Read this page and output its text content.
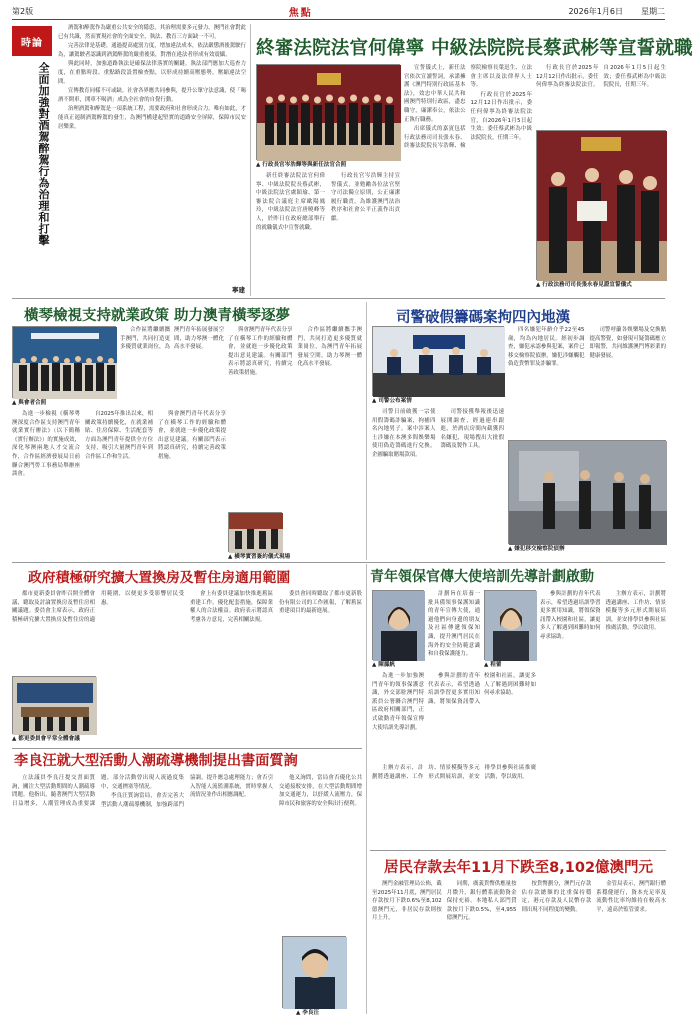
第2版	焦點	2026年1月6日 星期二
時論
全面加強對酒駕醉駕行為治理和打擊

酒駕和醉駕作為嚴重公共安全的隱患，其治理需要多元發力。澳門社會對此已有共識，然而實現社會的全面安全，執法、教育三方面缺一不可。

完善法律是基礎。通過提高處罰力度，增加違法成本，依法嚴懲酒後駕駛行為，讓駕駛者認識到酒駕醉駕的嚴重後果，對潛在違法者形成有效震懾。

與此同時，加強道路執法是確保法律落實的關鍵。執法部門應加大巡查力度，在重點時段、重點路段設置檢查點，以形成持續高壓態勢，壓縮違法空間。

宣傳教育同樣不可或缺。社會各界應共同參與，提升公眾守法意識，使「喝酒不開車，開車不喝酒」成為全社會的自覺行動。

治理酒駕和醉駕是一項系統工程，需要政府和社會形成合力。唯有如此，才能真正遏制酒駕醉駕的發生，為澳門構建起堅實的道路安全屏障，保障市民安居樂業。

寧建
終審法院法官何偉寧 中級法院院長蔡武彬等宣誓就職
▲ 行政長官岑浩輝等與新任法官合照

新任終審法院法官何偉寧、中級法院院長蔡武彬，中級法院法官盧穎瑜、第一審法院合議庭主席歐陽鳳玲，中級法院法官唐曉峰等人，於昨日在政府總部舉行的就職儀式中宣誓就職。

行政長官岑浩輝主持宣誓儀式，並勉勵各位法官堅守司法獨立原則，公正廉潔履行職責，為維護澳門法治秩序和社會公平正義作出貢獻。

宣誓儀式上，新任法官依次宣讀誓詞，承諾擁護《澳門特別行政區基本法》，效忠中華人民共和國澳門特別行政區，盡忠職守，廉潔奉公，依法公正執行職務。

出席儀式的嘉賓包括行政法務司司長張永春、終審法院院長岑浩輝、檢察院檢察長葉迅生、立法會主席以及法律界人士等。

行政長官於2025年12月12日作出批示，委任何偉寧為終審法院法官，自2026年1月5日起生效；委任蔡武彬為中級法院院長，任期三年。

▲ 行政法務司司長張永春見證宣誓儀式

行政長官於2025年12月12日作出批示，委任何偉寧為終審法院法官，自2026年1月5日起生效；委任蔡武彬為中級法院院長，任期三年。

橫琴檢視支持就業政策 助力澳青橫琴逐夢
▲ 與會者合照

為進一步檢視《橫琴粵澳深度合作區支持澳門青年就業實行辦法》（以下簡稱《實行辦法》）的實施成效，深化琴澳兩地人才交流合作，合作區經濟發展局日前聯合澳門勞工事務局舉辦座談會。

自2025年推出以來，相關政策持續優化，在就業補貼、住房保障、生活配套等方面為澳門青年提供全方位支持，吸引大量澳門青年到合作區工作和生活。

與會澳門青年代表分享了在橫琴工作的經驗和體會，並就進一步優化政策提出意見建議。有關部門表示將認真研究，持續完善政策措施。

與會澳門青年代表分享了在橫琴工作的經驗和體會，並就進一步優化政策提出意見建議。有關部門表示將認真研究，持續完善政策措施。

合作區將繼續攜手澳門，共同打造更多優質就業崗位，為澳門青年拓展發展空間，助力琴澳一體化高水平發展。

合作區將繼續攜手澳門，共同打造更多優質就業崗位，為澳門青年拓展發展空間，助力琴澳一體化高水平發展。

▲ 橫琴實習簽約儀式現場
司警破假籌碼案拘四內地漢
▲ 司警公布案情

司警日前破獲一宗使用假籌碼詐騙案，拘捕四名內地男子。案中涉案人士涉嫌在本澳多間娛樂場使用偽造籌碼進行兌換，企圖騙取賭場款項。

司警接獲舉報後迅速展開調查，經過連串跟進，於酒店房間內截獲四名嫌犯，現場搜出大批假籌碼及製作工具。

四名嫌犯年齡介乎22至45歲，均為內地居民。經初步調查，嫌犯承認參與犯案，案件已移交檢察院偵辦，嫌犯涉嫌觸犯偽造貨幣罪及詐騙罪。

司警呼籲各娛樂場及兌換點提高警覺，如發現可疑籌碼應立即報警，共同維護澳門博彩業的健康發展。

▲ 嫌犯移交檢察院偵辦
政府積極研究擴大置換房及暫住房適用範圍

都市更新委員會昨召開全體會議，聽取及討論置換房及暫住房相關議題。委員會主席表示，政府正積極研究擴大置換房及暫住房的適用範圍，以便更多受影響居民受惠。

會上有委員建議加快推進舊區重建工作，優化配套措施，保障業權人的合法權益。政府表示將認真考慮各方意見，完善相關法規。

委員會同時聽取了都市更新股份有限公司的工作匯報，了解舊區重建項目的最新進展。

▲ 都更委員會平常全體會議
李良汪就大型活動人潮疏導機制提出書面質詢

立法議員李良汪提交書面質詢，關注大型活動期間的人潮疏導問題。他指出，隨著澳門大型活動日益增多，人潮管理成為重要課題，部分活動曾出現人流過度集中、交通擠塞等情況。

李良汪質詢當局，會否完善大型活動人潮疏導機制，加強跨部門協調，提升應急處理能力；會否引入智能人流監測系統，實時掌握人流情況並作出相應調配。

他又詢問，當局會否優化公共交通接駁安排，在大型活動期間增加交通運力，以紓緩人流壓力，保障市民和旅客的安全與出行便利。

▲ 李良汪
青年領保官傳大使培訓先導計劃啟動
▲ 陳鳳帆

為進一步加強澳門青年的領事保護意識，外交部駐澳門特派員公署聯合澳門特區政府相關部門，正式啟動青年領保宣傳大使培訓先導計劃。

計劃旨在培養一批具備領事保護知識的青年宣傳大使，通過他們向身邊的朋友及社區傳遞領保知識，提升澳門居民在海外的安全防範意識和自我保護能力。

▲ 程蕾

參與計劃的青年代表表示，希望透過培訓學習更多實用知識，將領保資訊帶入校園和社區，讓更多人了解遇到困難時如何尋求協助。

參與計劃的青年代表表示，希望透過培訓學習更多實用知識，將領保資訊帶入校園和社區，讓更多人了解遇到困難時如何尋求協助。

主辦方表示，計劃將透過講座、工作坊、情景模擬等多元形式開展培訓，並安排學員參與社區推廣活動，學以致用。

主辦方表示，計劃將透過講座、工作坊、情景模擬等多元形式開展培訓，並安排學員參與社區推廣活動，學以致用。

居民存款去年11月下跌至8,102億澳門元

澳門金融管理局公佈，截至2025年11月底，澳門居民存款按月下跌0.6%至8,102億澳門元，非居民存款則按月上升。

同期，廣義貨幣供應量按月微升，銀行體系流動資金保持充裕。本地私人部門貸款按月下跌0.5%，至4,955億澳門元。

按貨幣劃分，澳門元存款佔存款總額的比重保持穩定，港元存款及人民幣存款則出現不同程度的變動。

金管局表示，澳門銀行體系穩健運行，資本充足率及流動性比率均維持在較高水平，遠高於監管要求。
